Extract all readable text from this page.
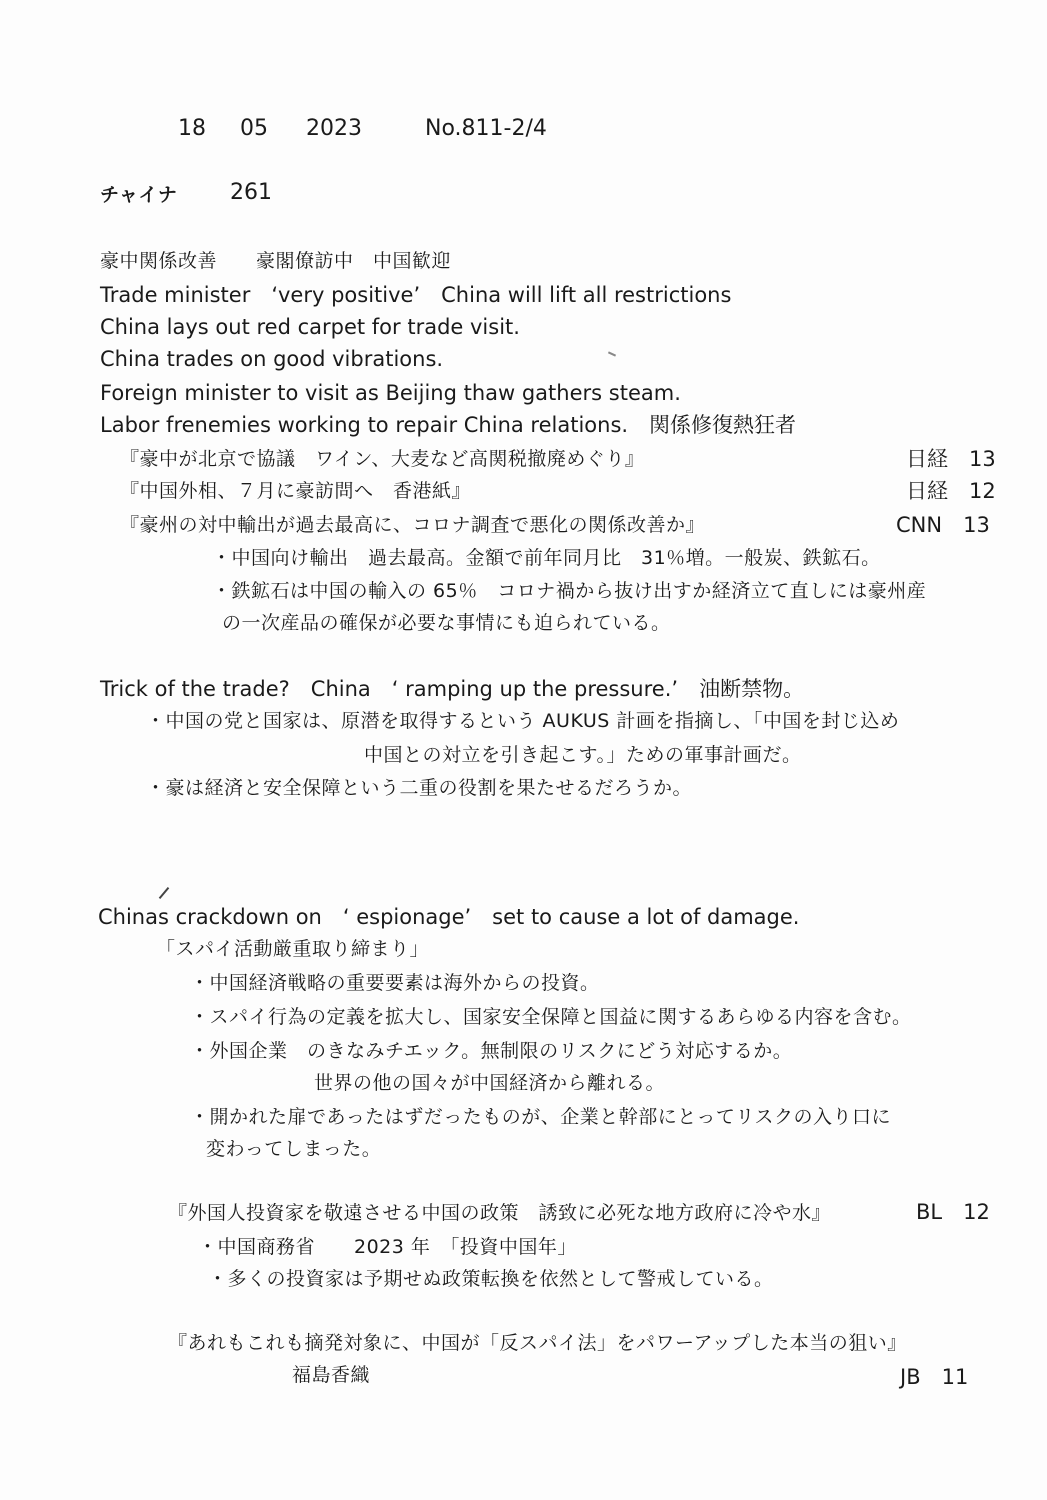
18 05 2023	No.811-2/4
チャイナ 261
豪中関係改善　　豪閣僚訪中　中国歓迎
Trade minister　‘very positive’　China will lift all restrictions
China lays out red carpet for trade visit.
China trades on good vibrations.
Foreign minister to visit as Beijing thaw gathers steam.
Labor frenemies working to repair China relations.　関係修復熱狂者
『豪中が北京で協議　ワイン、大麦など高関税撤廃めぐり』	日経　13
『中国外相、７月に豪訪問へ　香港紙』	日経　12
『豪州の対中輸出が過去最高に、コロナ調査で悪化の関係改善か』	CNN　13
・中国向け輸出　過去最高。金額で前年同月比　31％増。一般炭、鉄鉱石。
・鉄鉱石は中国の輸入の 65％　コロナ禍から抜け出すか経済立て直しには豪州産
の一次産品の確保が必要な事情にも迫られている。
Trick of the trade?　China　‘ ramping up the pressure.’　油断禁物。
・中国の党と国家は、原潜を取得するという AUKUS 計画を指摘し、「中国を封じ込め
中国との対立を引き起こす。」ための軍事計画だ。
・豪は経済と安全保障という二重の役割を果たせるだろうか。
Chinas crackdown on　‘ espionage’　set to cause a lot of damage.
「スパイ活動厳重取り締まり」
・中国経済戦略の重要要素は海外からの投資。
・スパイ行為の定義を拡大し、国家安全保障と国益に関するあらゆる内容を含む。
・外国企業　のきなみチエック。無制限のリスクにどう対応するか。
世界の他の国々が中国経済から離れる。
・開かれた扉であったはずだったものが、企業と幹部にとってリスクの入り口に
変わってしまった。
『外国人投資家を敬遠させる中国の政策　誘致に必死な地方政府に冷や水』	BL　12
・中国商務省　　2023 年　「投資中国年」
・多くの投資家は予期せぬ政策転換を依然として警戒している。
『あれもこれも摘発対象に、中国が「反スパイ法」をパワーアップした本当の狙い』
福島香織	JB　11
